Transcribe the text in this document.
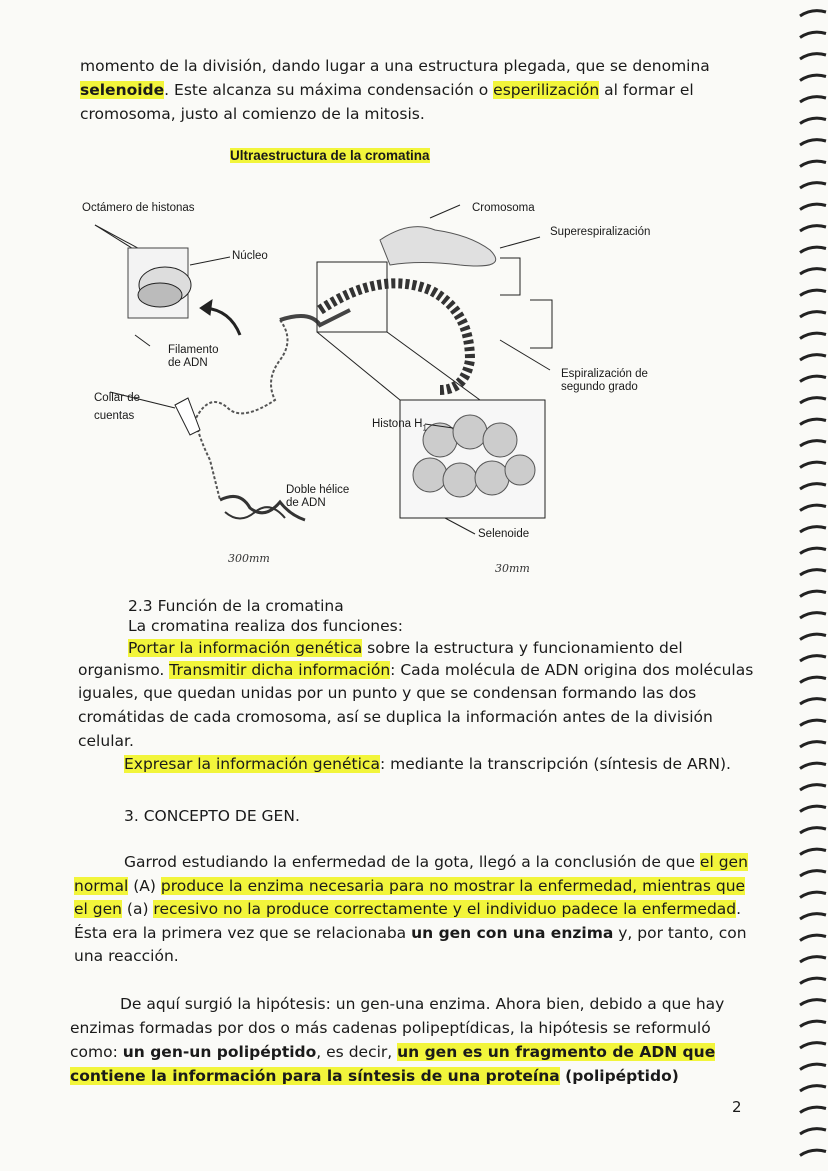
momento de la división, dando lugar a una estructura plegada, que se denomina

selenoide. Este alcanza su máxima condensación o esperilización al formar el

cromosoma, justo al comienzo de la mitosis.

Ultraestructura de la cromatina
Octámero de histonas
Núcleo
Cromosoma
Superespiralización
Filamento
de ADN
Espiralización de
segundo grado
Collar de
cuentas
Histona $H_1$
Doble hélice
de ADN
Selenoide
300mm
30mm

2.3 Función de la cromatina

La cromatina realiza dos funciones:

Portar la información genética sobre la estructura y funcionamiento del

organismo. Transmitir dicha información: Cada molécula de ADN origina dos moléculas

iguales, que quedan unidas por un punto y que se condensan formando las dos

cromátidas de cada cromosoma, así se duplica la información antes de la división

celular.

Expresar la información genética: mediante la transcripción (síntesis de ARN).

3. CONCEPTO DE GEN.

Garrod estudiando la enfermedad de la gota, llegó a la conclusión de que el gen

normal (A) produce la enzima necesaria para no mostrar la enfermedad, mientras que

el gen (a) recesivo no la produce correctamente y el individuo padece la enfermedad.

Ésta era la primera vez que se relacionaba un gen con una enzima y, por tanto, con

una reacción.

De aquí surgió la hipótesis: un gen-una enzima. Ahora bien, debido a que hay

enzimas formadas por dos o más cadenas polipeptídicas, la hipótesis se reformuló

como: un gen-un polipéptido, es decir, un gen es un fragmento de ADN que

contiene la información para la síntesis de una proteína (polipéptido)

2
